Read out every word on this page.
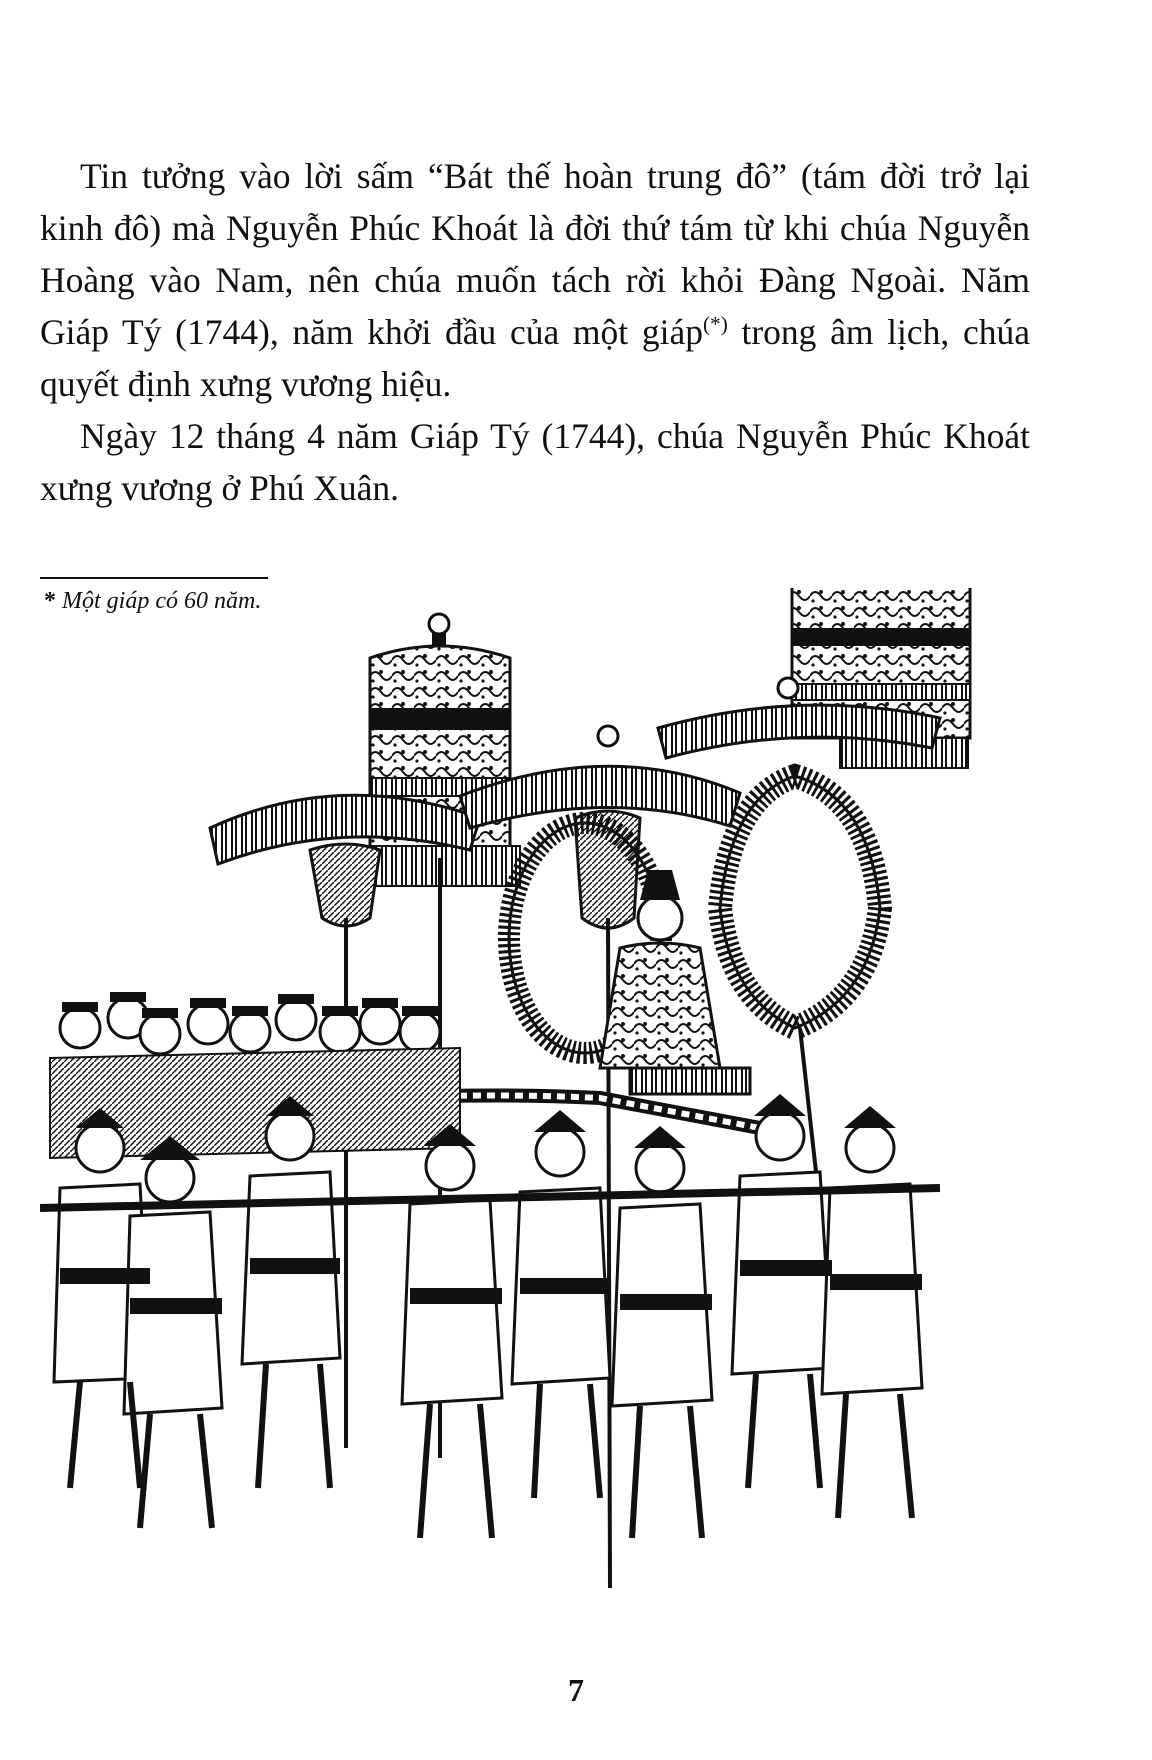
Tin tưởng vào lời sấm “Bát thế hoàn trung đô” (tám đời trở lại kinh đô) mà Nguyễn Phúc Khoát là đời thứ tám từ khi chúa Nguyễn Hoàng vào Nam, nên chúa muốn tách rời khỏi Đàng Ngoài. Năm Giáp Tý (1744), năm khởi đầu của một giáp(*) trong âm lịch, chúa quyết định xưng vương hiệu.

Ngày 12 tháng 4 năm Giáp Tý (1744), chúa Nguyễn Phúc Khoát xưng vương ở Phú Xuân.

* Một giáp có 60 năm.

7
